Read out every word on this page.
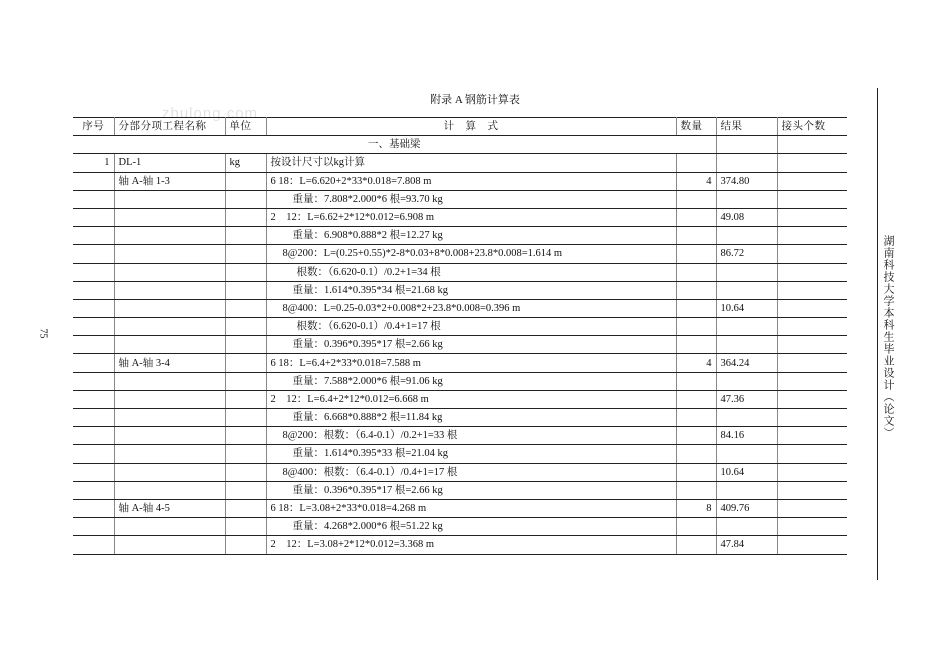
附录 A 钢筋计算表
zhulong.com
75	湖南科技大学本科生毕业设计（论文）
序号	分部分项工程名称	单位	计　算　式	数量	结果	接头个数
一、基础梁						
1	DL-1	kg	按设计尺寸以kg计算			
	轴 A-轴 1-3		6 18：L=6.620+2*33*0.018=7.808 m	4	374.80	
			重量：7.808*2.000*6 根=93.70 kg			
			2　12：L=6.62+2*12*0.012=6.908 m		49.08	
			重量：6.908*0.888*2 根=12.27 kg			
			8@200：L=(0.25+0.55)*2-8*0.03+8*0.008+23.8*0.008=1.614 m		86.72	
			根数：（6.620-0.1）/0.2+1=34 根			
			重量：1.614*0.395*34 根=21.68 kg			
			8@400：L=0.25-0.03*2+0.008*2+23.8*0.008=0.396 m		10.64	
			根数：（6.620-0.1）/0.4+1=17 根			
			重量：0.396*0.395*17 根=2.66 kg			
	轴 A-轴 3-4		6 18：L=6.4+2*33*0.018=7.588 m	4	364.24	
			重量：7.588*2.000*6 根=91.06 kg			
			2　12：L=6.4+2*12*0.012=6.668 m		47.36	
			重量：6.668*0.888*2 根=11.84 kg			
			8@200：根数：（6.4-0.1）/0.2+1=33 根		84.16	
			重量：1.614*0.395*33 根=21.04 kg			
			8@400：根数：（6.4-0.1）/0.4+1=17 根		10.64	
			重量：0.396*0.395*17 根=2.66 kg			
	轴 A-轴 4-5		6 18：L=3.08+2*33*0.018=4.268 m	8	409.76	
			重量：4.268*2.000*6 根=51.22 kg			
			2　12：L=3.08+2*12*0.012=3.368 m		47.84	
